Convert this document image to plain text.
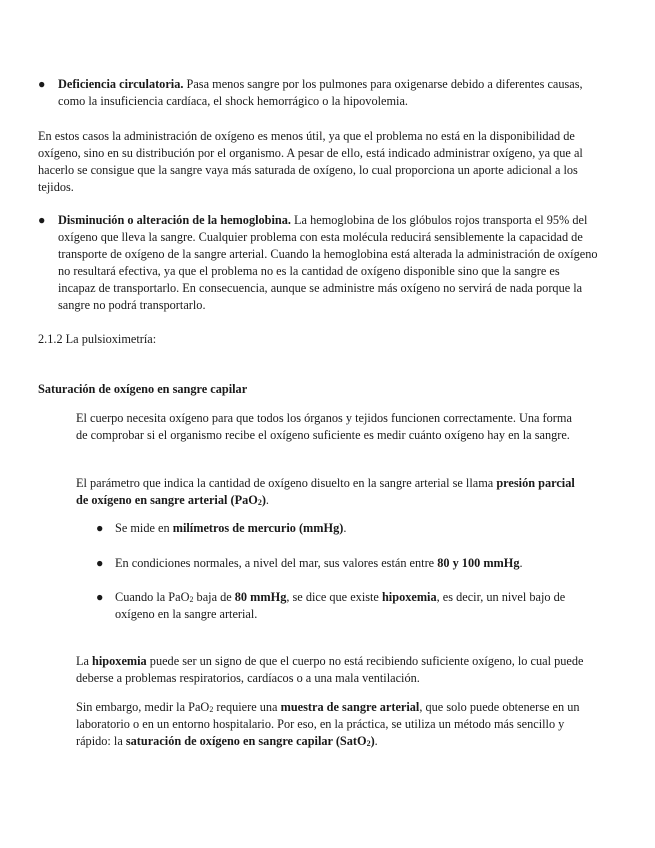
●	Deficiencia circulatoria. Pasa menos sangre por los pulmones para oxigenarse debido a diferentes causas, como la insuficiencia cardíaca, el shock hemorrágico o la hipovolemia.

En estos casos la administración de oxígeno es menos útil, ya que el problema no está en la disponibilidad de oxígeno, sino en su distribución por el organismo. A pesar de ello, está indicado administrar oxígeno, ya que al hacerlo se consigue que la sangre vaya más saturada de oxígeno, lo cual proporciona un aporte adicional a los tejidos.

●	Disminución o alteración de la hemoglobina. La hemoglobina de los glóbulos rojos transporta el 95% del oxígeno que lleva la sangre. Cualquier problema con esta molécula reducirá sensiblemente la capacidad de transporte de oxígeno de la sangre arterial. Cuando la hemoglobina está alterada la administración de oxígeno no resultará efectiva, ya que el problema no es la cantidad de oxígeno disponible sino que la sangre es incapaz de transportarlo. En consecuencia, aunque se administre más oxígeno no servirá de nada porque la sangre no podrá transportarlo.

2.1.2 La pulsioximetría:

Saturación de oxígeno en sangre capilar

El cuerpo necesita oxígeno para que todos los órganos y tejidos funcionen correctamente. Una forma de comprobar si el organismo recibe el oxígeno suficiente es medir cuánto oxígeno hay en la sangre.

El parámetro que indica la cantidad de oxígeno disuelto en la sangre arterial se llama presión parcial de oxígeno en sangre arterial (PaO2).

● Se mide en milímetros de mercurio (mmHg).
● En condiciones normales, a nivel del mar, sus valores están entre 80 y 100 mmHg.
● Cuando la PaO2 baja de 80 mmHg, se dice que existe hipoxemia, es decir, un nivel bajo de oxígeno en la sangre arterial.

La hipoxemia puede ser un signo de que el cuerpo no está recibiendo suficiente oxígeno, lo cual puede deberse a problemas respiratorios, cardíacos o a una mala ventilación.

Sin embargo, medir la PaO2 requiere una muestra de sangre arterial, que solo puede obtenerse en un laboratorio o en un entorno hospitalario. Por eso, en la práctica, se utiliza un método más sencillo y rápido: la saturación de oxígeno en sangre capilar (SatO2).
